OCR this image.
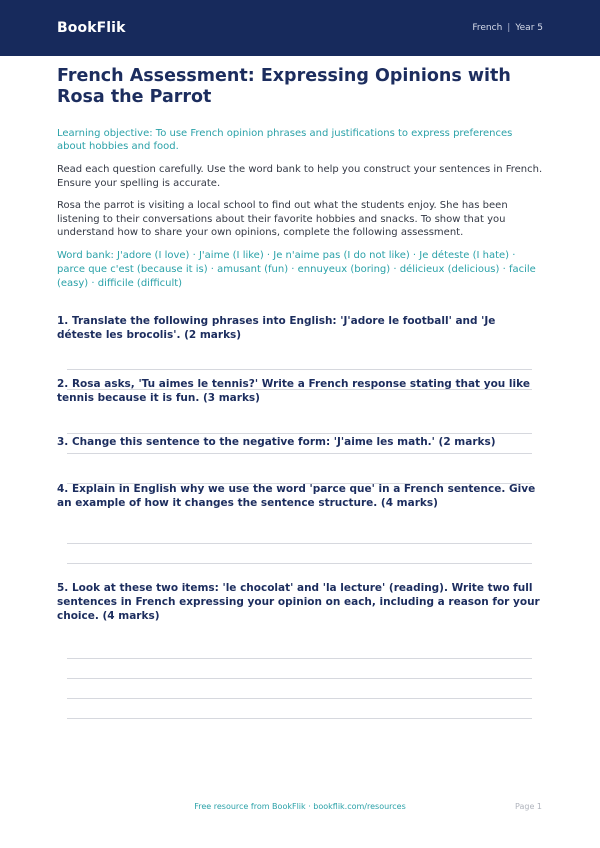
BookFlik	French | Year 5
French Assessment: Expressing Opinions with Rosa the Parrot

Learning objective: To use French opinion phrases and justifications to express preferences about hobbies and food.

Read each question carefully. Use the word bank to help you construct your sentences in French. Ensure your spelling is accurate.

Rosa the parrot is visiting a local school to find out what the students enjoy. She has been listening to their conversations about their favorite hobbies and snacks. To show that you understand how to share your own opinions, complete the following assessment.

Word bank: J'adore (I love) · J'aime (I like) · Je n'aime pas (I do not like) · Je déteste (I hate) · parce que c'est (because it is) · amusant (fun) · ennuyeux (boring) · délicieux (delicious) · facile (easy) · difficile (difficult)

1. Translate the following phrases into English: 'J'adore le football' and 'Je déteste les brocolis'. (2 marks)

2. Rosa asks, 'Tu aimes le tennis?' Write a French response stating that you like tennis because it is fun. (3 marks)

3. Change this sentence to the negative form: 'J'aime les math.' (2 marks)

4. Explain in English why we use the word 'parce que' in a French sentence. Give an example of how it changes the sentence structure. (4 marks)

5. Look at these two items: 'le chocolat' and 'la lecture' (reading). Write two full sentences in French expressing your opinion on each, including a reason for your choice. (4 marks)

Free resource from BookFlik · bookflik.com/resources	Page 1
